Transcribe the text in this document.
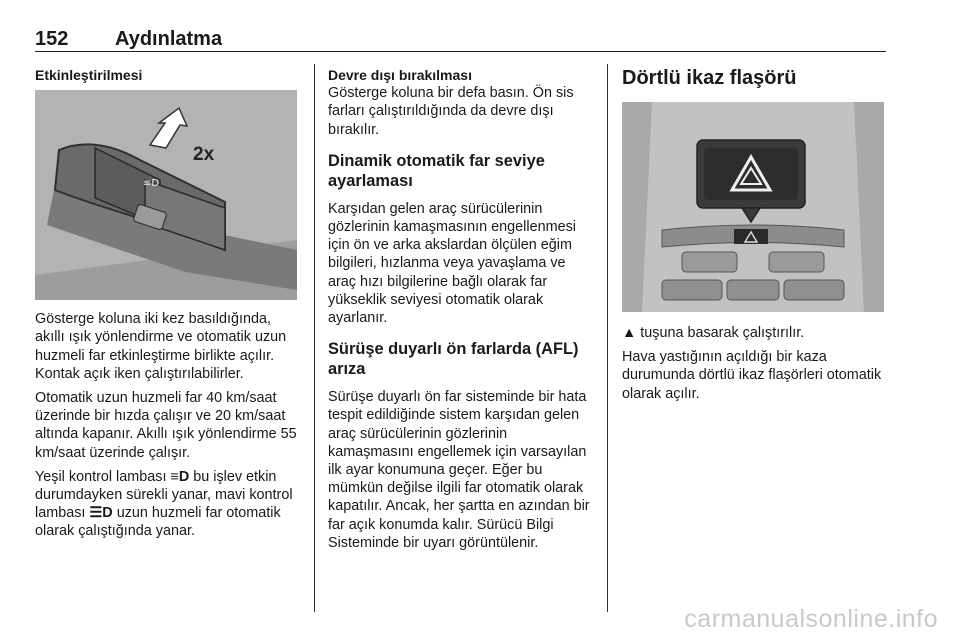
152 Aydınlatma
Etkinleştirilmesi
≡D
2x

Gösterge koluna iki kez basıldığında, akıllı ışık yönlendirme ve otomatik uzun huzmeli far etkinleştirme birlikte açılır. Kontak açık iken çalıştırılabilirler.

Otomatik uzun huzmeli far 40 km/saat üzerinde bir hızda çalışır ve 20 km/saat altında kapanır. Akıllı ışık yönlendirme 55 km/saat üzerinde çalışır.

Yeşil kontrol lambası ≡D bu işlev etkin durumdayken sürekli yanar, mavi kontrol lambası ☰D uzun huzmeli far otomatik olarak çalıştığında yanar.

Devre dışı bırakılması

Gösterge koluna bir defa basın. Ön sis farları çalıştırıldığında da devre dışı bırakılır.

Dinamik otomatik far seviye ayarlaması

Karşıdan gelen araç sürücülerinin gözlerinin kamaşmasının engellenmesi için ön ve arka akslardan ölçülen eğim bilgileri, hızlanma veya yavaşlama ve araç hızı bilgilerine bağlı olarak far yükseklik seviyesi otomatik olarak ayarlanır.

Sürüşe duyarlı ön farlarda (AFL) arıza

Sürüşe duyarlı ön far sisteminde bir hata tespit edildiğinde sistem karşıdan gelen araç sürücülerinin gözlerinin kamaşmasını engellemek için varsayılan ilk ayar konumuna geçer. Eğer bu mümkün değilse ilgili far otomatik olarak kapatılır. Ancak, her şartta en azından bir far açık konumda kalır. Sürücü Bilgi Sisteminde bir uyarı görüntülenir.

Dörtlü ikaz flaşörü

▲ tuşuna basarak çalıştırılır.

Hava yastığının açıldığı bir kaza durumunda dörtlü ikaz flaşörleri otomatik olarak açılır.

carmanualsonline.info
